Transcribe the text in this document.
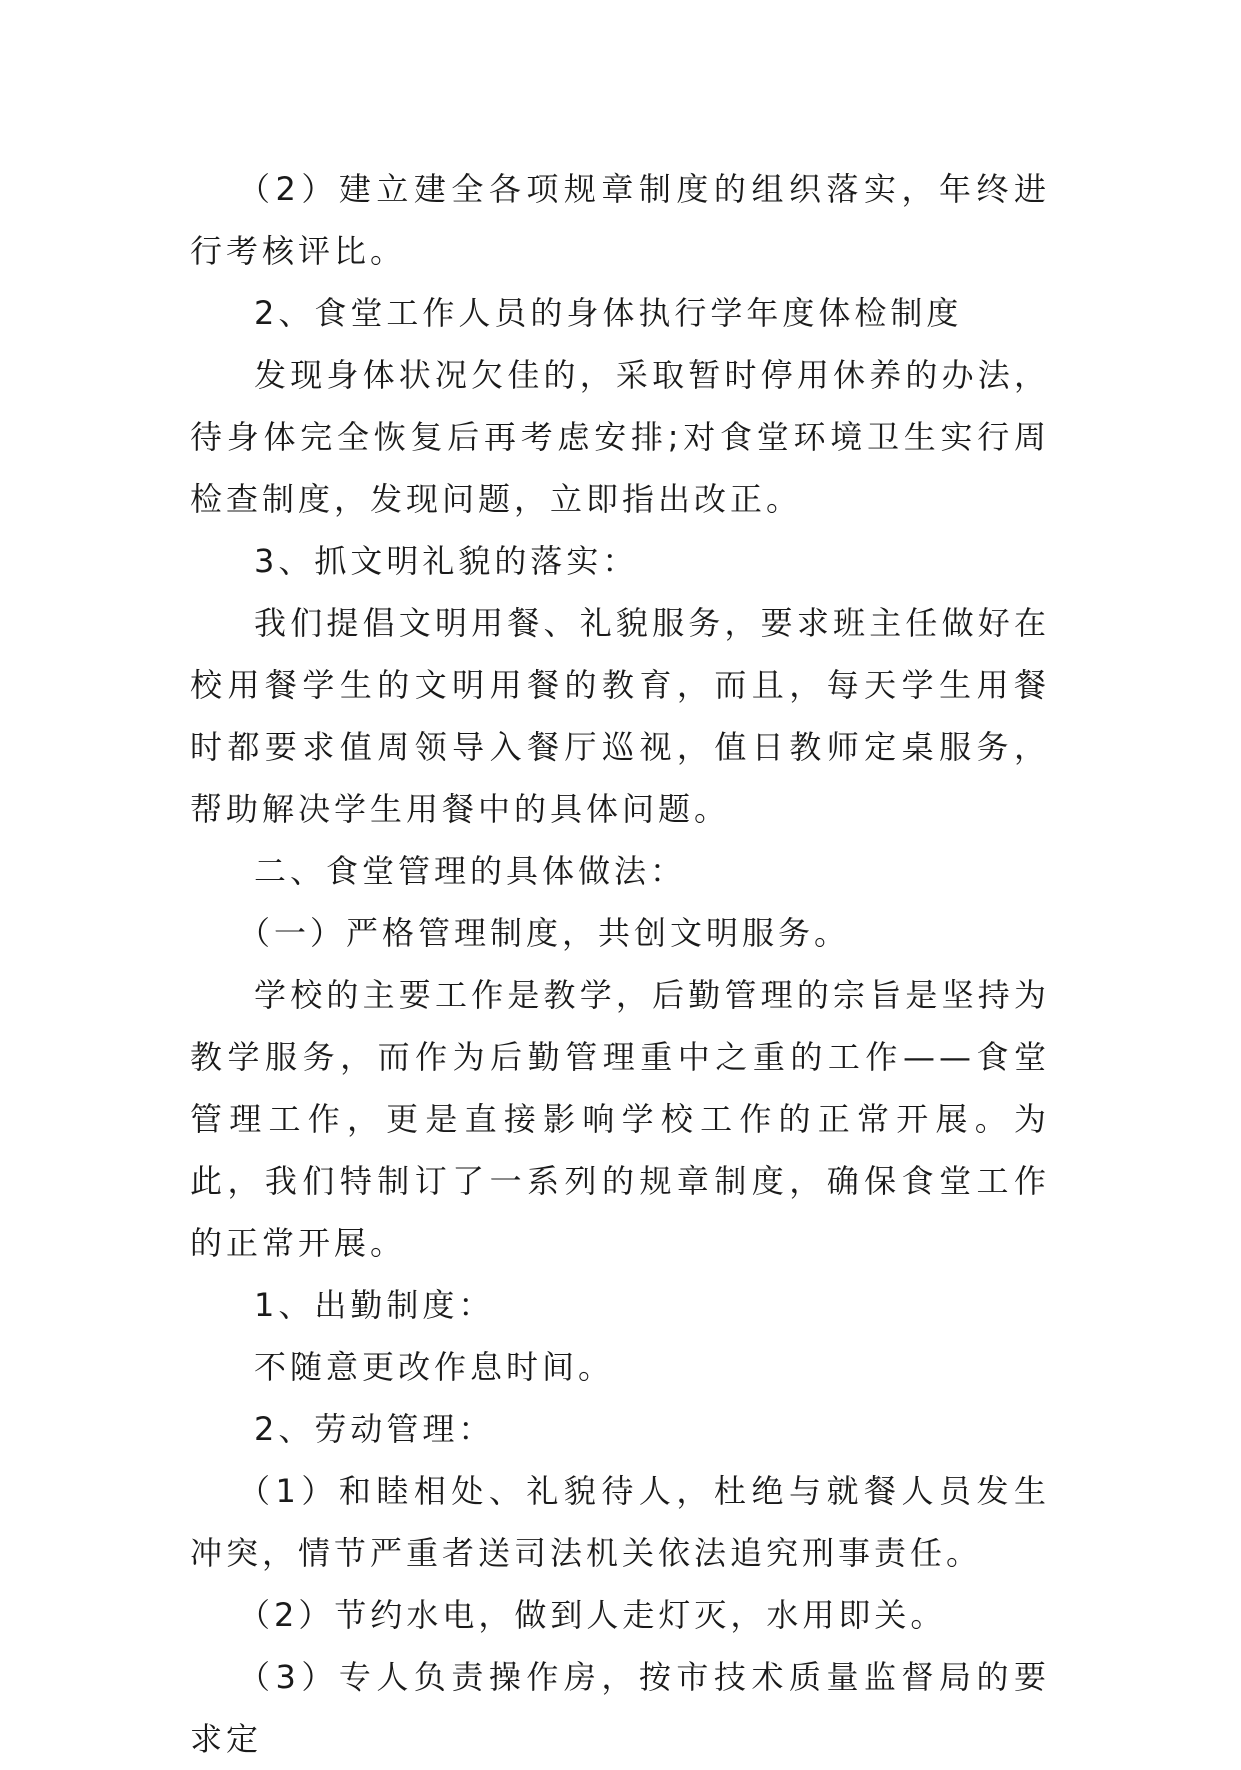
（2）建立建全各项规章制度的组织落实，年终进行考核评比。

2、食堂工作人员的身体执行学年度体检制度

发现身体状况欠佳的，采取暂时停用休养的办法，待身体完全恢复后再考虑安排;对食堂环境卫生实行周检查制度，发现问题，立即指出改正。

3、抓文明礼貌的落实：

我们提倡文明用餐、礼貌服务，要求班主任做好在校用餐学生的文明用餐的教育，而且，每天学生用餐时都要求值周领导入餐厅巡视，值日教师定桌服务，帮助解决学生用餐中的具体问题。

二、食堂管理的具体做法：

（一）严格管理制度，共创文明服务。

学校的主要工作是教学，后勤管理的宗旨是坚持为教学服务，而作为后勤管理重中之重的工作——食堂管理工作，更是直接影响学校工作的正常开展。为此，我们特制订了一系列的规章制度，确保食堂工作的正常开展。

1、出勤制度：

不随意更改作息时间。

2、劳动管理：

（1）和睦相处、礼貌待人，杜绝与就餐人员发生冲突，情节严重者送司法机关依法追究刑事责任。

（2）节约水电，做到人走灯灭，水用即关。

（3）专人负责操作房，按市技术质量监督局的要求定
